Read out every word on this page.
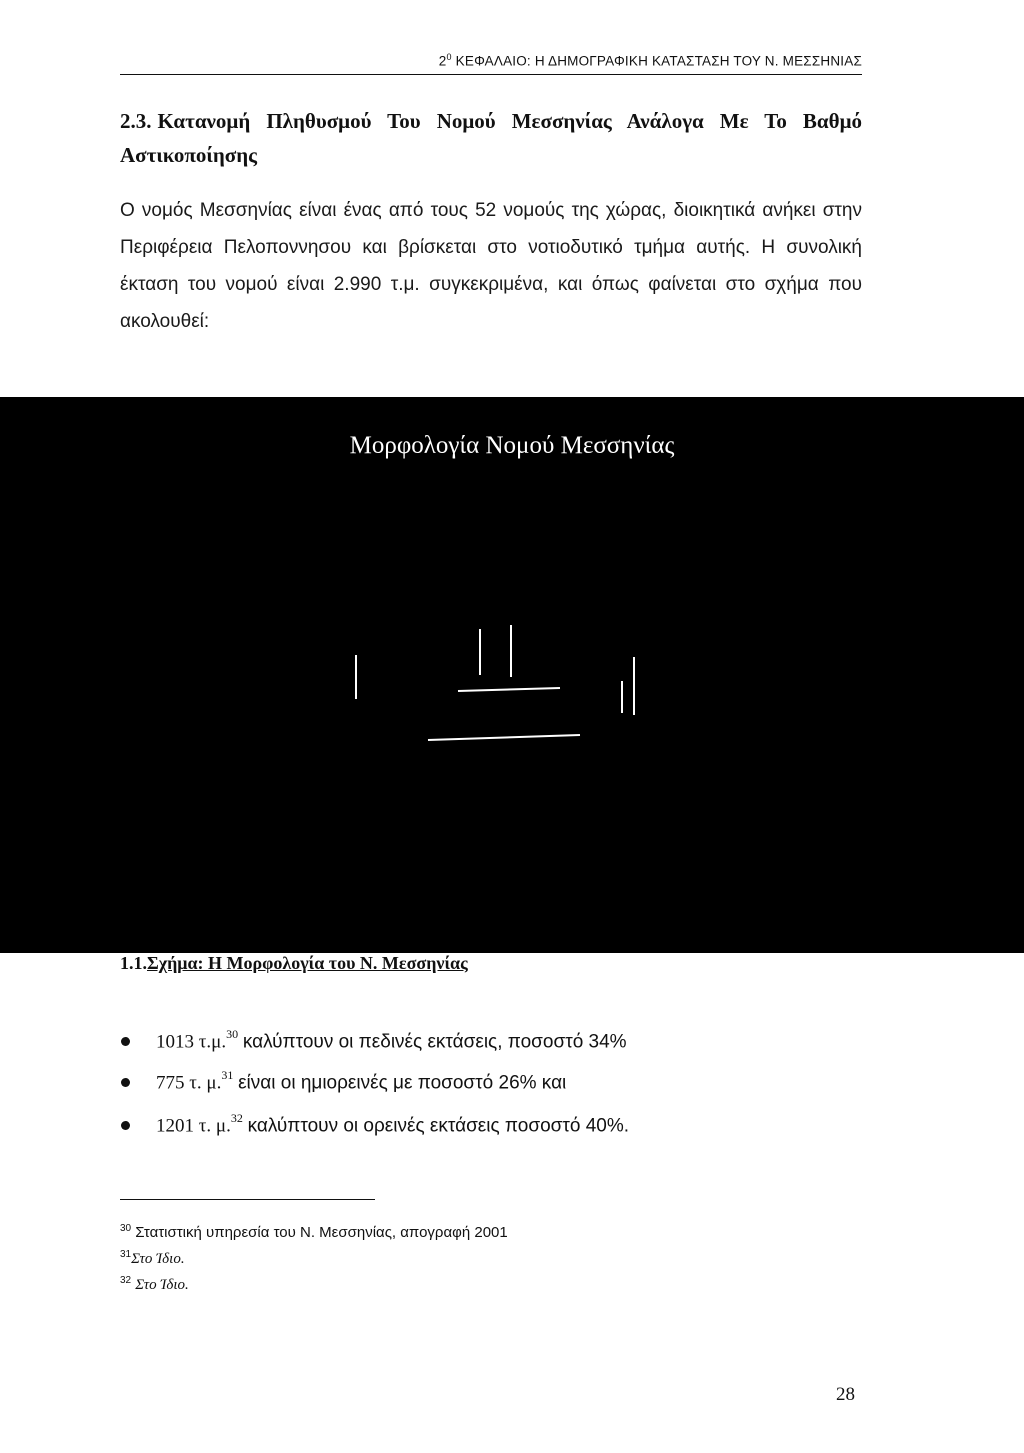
$2^0$ ΚΕΦΑΛΑΙΟ: Η ΔΗΜΟΓΡΑΦΙΚΗ ΚΑΤΑΣΤΑΣΗ ΤΟΥ Ν. ΜΕΣΣΗΝΙΑΣ
2.3. Κατανομή Πληθυσμού Του Νομού Μεσσηνίας Ανάλογα Με Το Βαθμό Αστικοποίησης
Ο νομός Μεσσηνίας είναι ένας από τους 52 νομούς της χώρας, διοικητικά ανήκει στην Περιφέρεια Πελοποννησου και βρίσκεται στο νοτιοδυτικό τμήμα αυτής. Η συνολική έκταση του νομού είναι 2.990 τ.μ. συγκεκριμένα, και όπως φαίνεται στο σχήμα που ακολουθεί:
Μορφολογία Νομού Μεσσηνίας
1.1.Σχήμα: Η Μορφολογία του Ν. Μεσσηνίας
1013 τ.μ.$^{30}$ καλύπτουν οι πεδινές εκτάσεις, ποσοστό 34%
775 τ. μ.$^{31}$ είναι οι ημιορεινές με ποσοστό 26% και
1201 τ. μ.$^{32}$ καλύπτουν οι ορεινές εκτάσεις ποσοστό 40%.
$^{30}$ Στατιστική υπηρεσία του Ν. Μεσσηνίας, απογραφή 2001
$^{31}$Στο Ίδιο.
$^{32}$ Στο Ίδιο.
28
